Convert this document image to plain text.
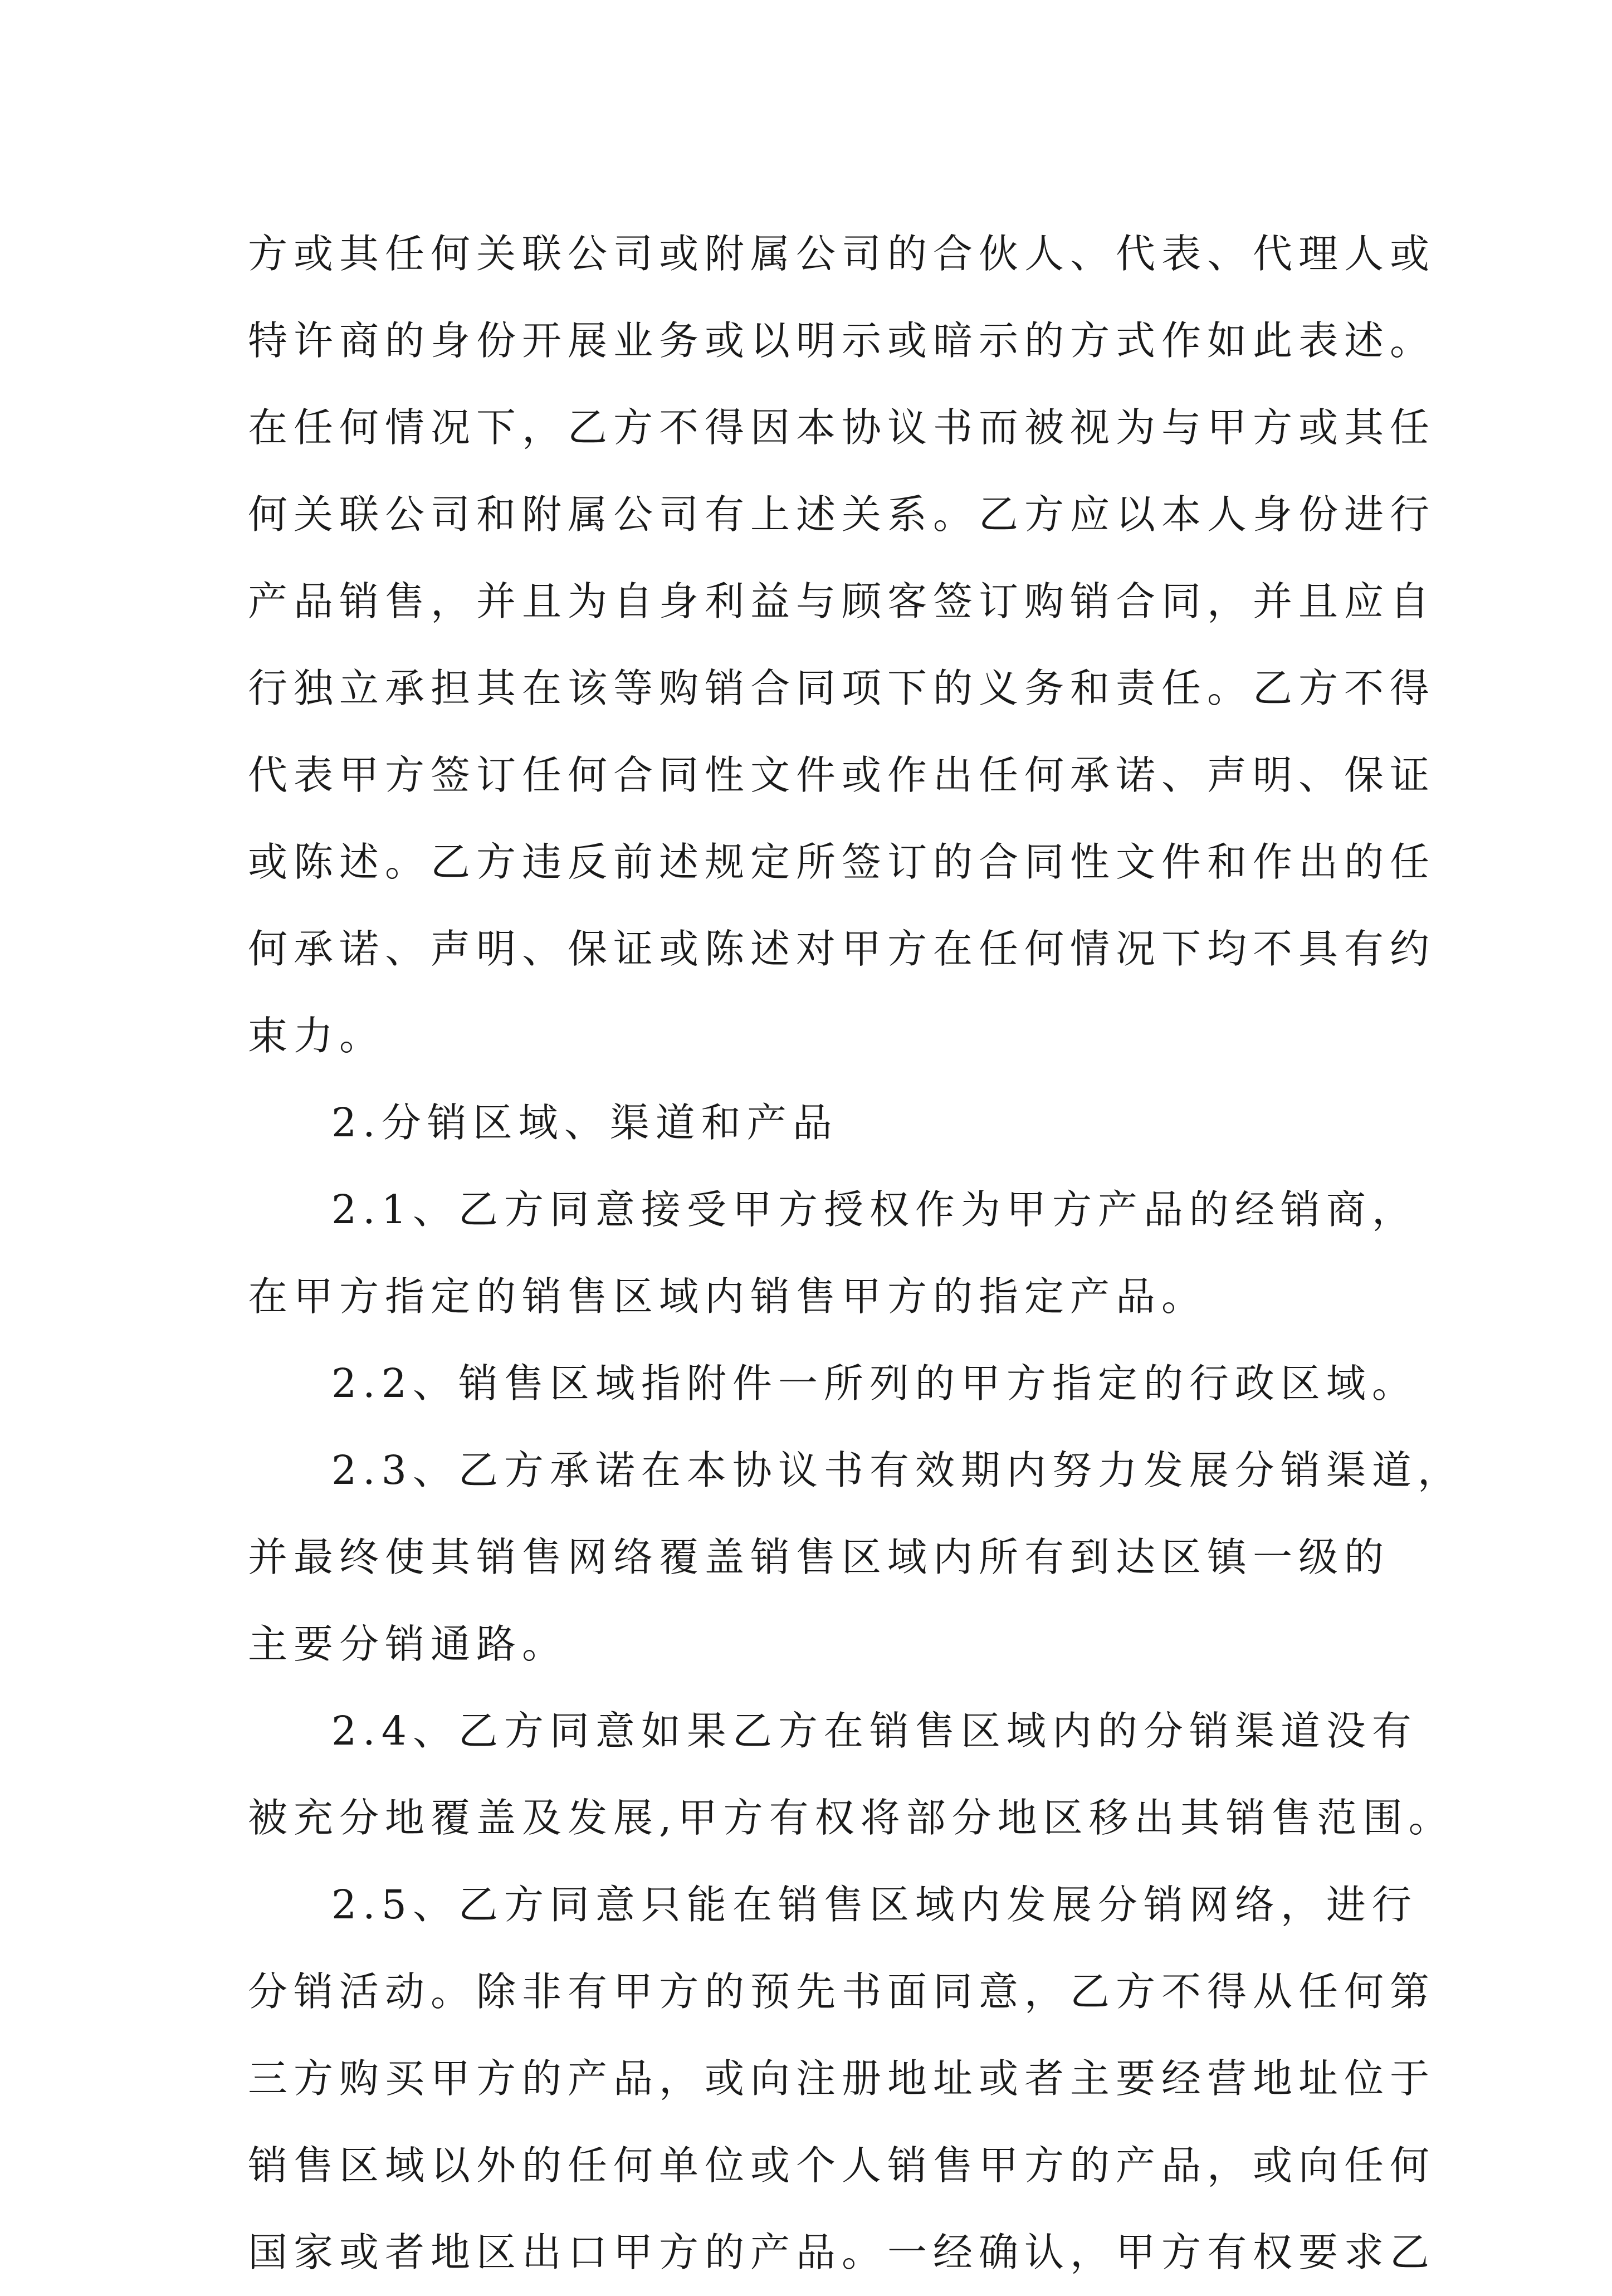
方或其任何关联公司或附属公司的合伙人、代表、代理人或
特许商的身份开展业务或以明示或暗示的方式作如此表述。
在任何情况下，乙方不得因本协议书而被视为与甲方或其任
何关联公司和附属公司有上述关系。乙方应以本人身份进行
产品销售，并且为自身利益与顾客签订购销合同，并且应自
行独立承担其在该等购销合同项下的义务和责任。乙方不得
代表甲方签订任何合同性文件或作出任何承诺、声明、保证
或陈述。乙方违反前述规定所签订的合同性文件和作出的任
何承诺、声明、保证或陈述对甲方在任何情况下均不具有约
束力。
2.分销区域、渠道和产品
2.1、乙方同意接受甲方授权作为甲方产品的经销商，
在甲方指定的销售区域内销售甲方的指定产品。
2.2、销售区域指附件一所列的甲方指定的行政区域。
2.3、乙方承诺在本协议书有效期内努力发展分销渠道，
并最终使其销售网络覆盖销售区域内所有到达区镇一级的
主要分销通路。
2.4、乙方同意如果乙方在销售区域内的分销渠道没有
被充分地覆盖及发展,甲方有权将部分地区移出其销售范围。
2.5、乙方同意只能在销售区域内发展分销网络，进行
分销活动。除非有甲方的预先书面同意，乙方不得从任何第
三方购买甲方的产品，或向注册地址或者主要经营地址位于
销售区域以外的任何单位或个人销售甲方的产品，或向任何
国家或者地区出口甲方的产品。一经确认，甲方有权要求乙
